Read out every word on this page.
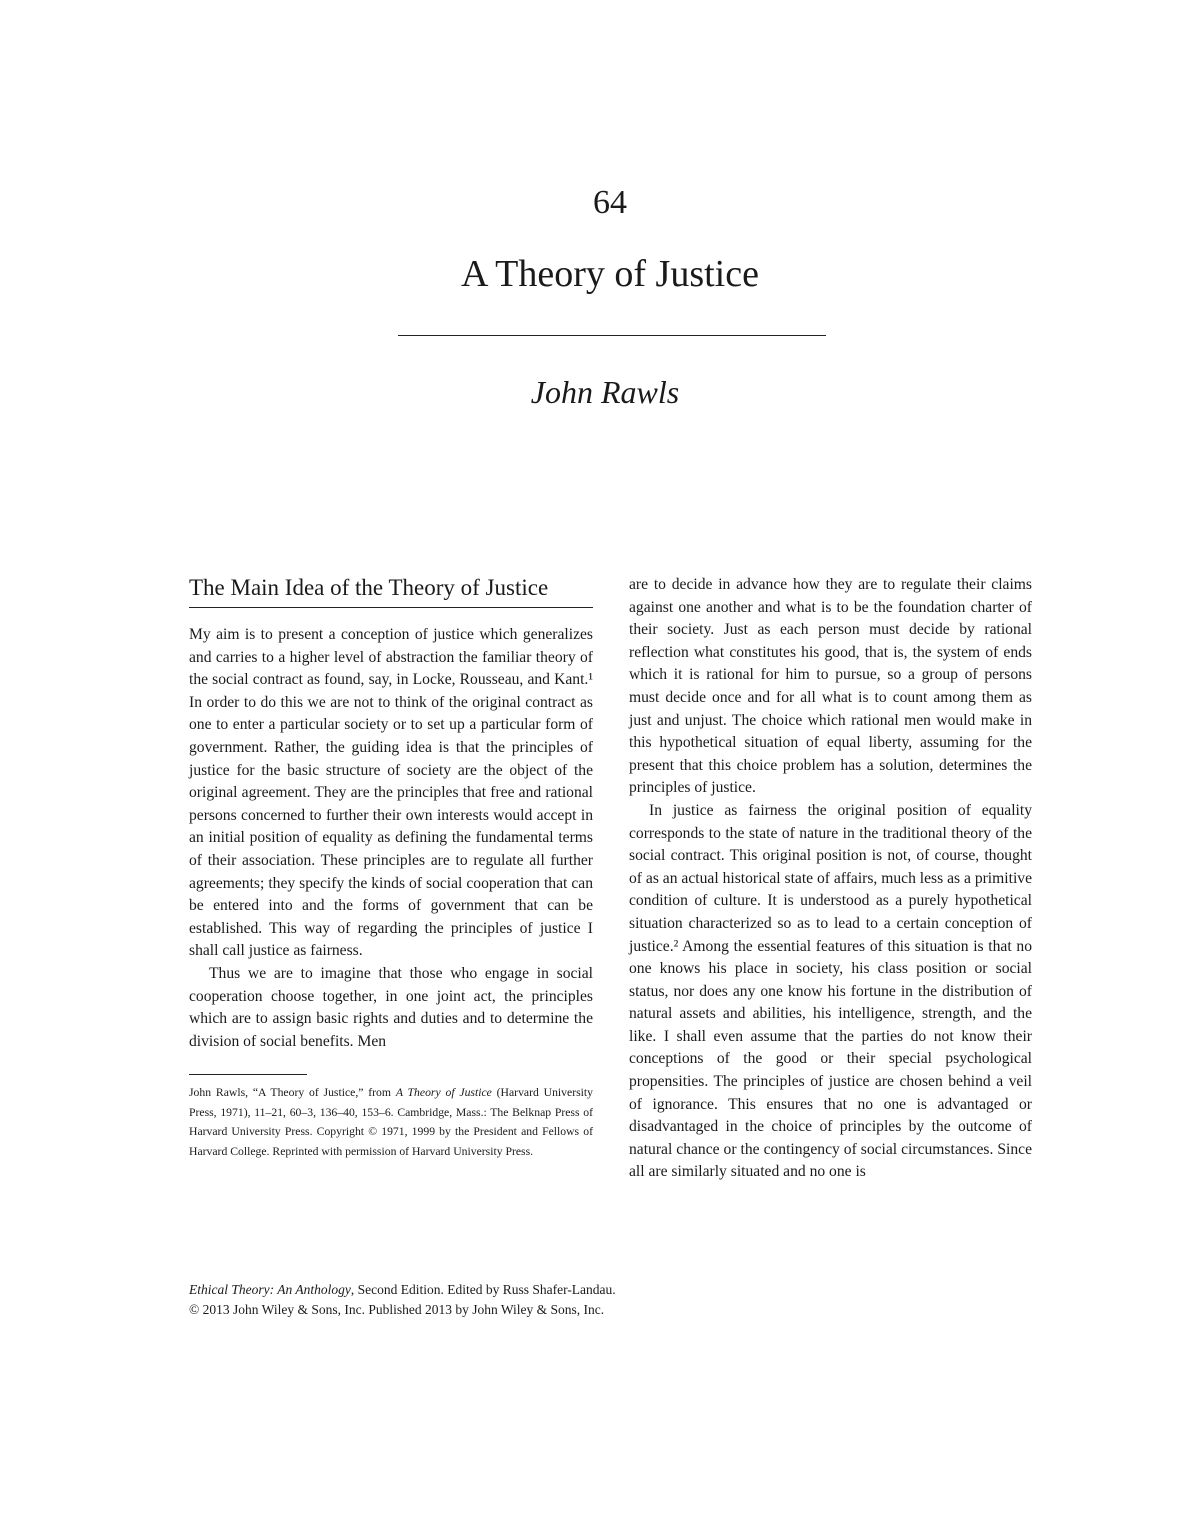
64
A Theory of Justice
John Rawls
The Main Idea of the Theory of Justice

My aim is to present a conception of justice which generalizes and carries to a higher level of abstraction the familiar theory of the social contract as found, say, in Locke, Rousseau, and Kant.¹ In order to do this we are not to think of the original contract as one to enter a particular society or to set up a particular form of government. Rather, the guiding idea is that the principles of justice for the basic structure of society are the object of the original agreement. They are the principles that free and rational persons concerned to further their own interests would accept in an initial position of equality as defining the fundamental terms of their association. These principles are to regulate all further agreements; they specify the kinds of social cooperation that can be entered into and the forms of government that can be established. This way of regarding the principles of justice I shall call justice as fairness.

Thus we are to imagine that those who engage in social cooperation choose together, in one joint act, the principles which are to assign basic rights and duties and to determine the division of social benefits. Men

John Rawls, “A Theory of Justice,” from A Theory of Justice (Harvard University Press, 1971), 11–21, 60–3, 136–40, 153–6. Cambridge, Mass.: The Belknap Press of Harvard University Press. Copyright © 1971, 1999 by the President and Fellows of Harvard College. Reprinted with permission of Harvard University Press.

are to decide in advance how they are to regulate their claims against one another and what is to be the foundation charter of their society. Just as each person must decide by rational reflection what constitutes his good, that is, the system of ends which it is rational for him to pursue, so a group of persons must decide once and for all what is to count among them as just and unjust. The choice which rational men would make in this hypothetical situation of equal liberty, assuming for the present that this choice problem has a solution, determines the principles of justice.

In justice as fairness the original position of equality corresponds to the state of nature in the traditional theory of the social contract. This original position is not, of course, thought of as an actual historical state of affairs, much less as a primitive condition of culture. It is understood as a purely hypothetical situation characterized so as to lead to a certain conception of justice.² Among the essential features of this situation is that no one knows his place in society, his class position or social status, nor does any one know his fortune in the distribution of natural assets and abilities, his intelligence, strength, and the like. I shall even assume that the parties do not know their conceptions of the good or their special psychological propensities. The principles of justice are chosen behind a veil of ignorance. This ensures that no one is advantaged or disadvantaged in the choice of principles by the outcome of natural chance or the contingency of social circumstances. Since all are similarly situated and no one is

Ethical Theory: An Anthology, Second Edition. Edited by Russ Shafer-Landau.
© 2013 John Wiley & Sons, Inc. Published 2013 by John Wiley & Sons, Inc.
